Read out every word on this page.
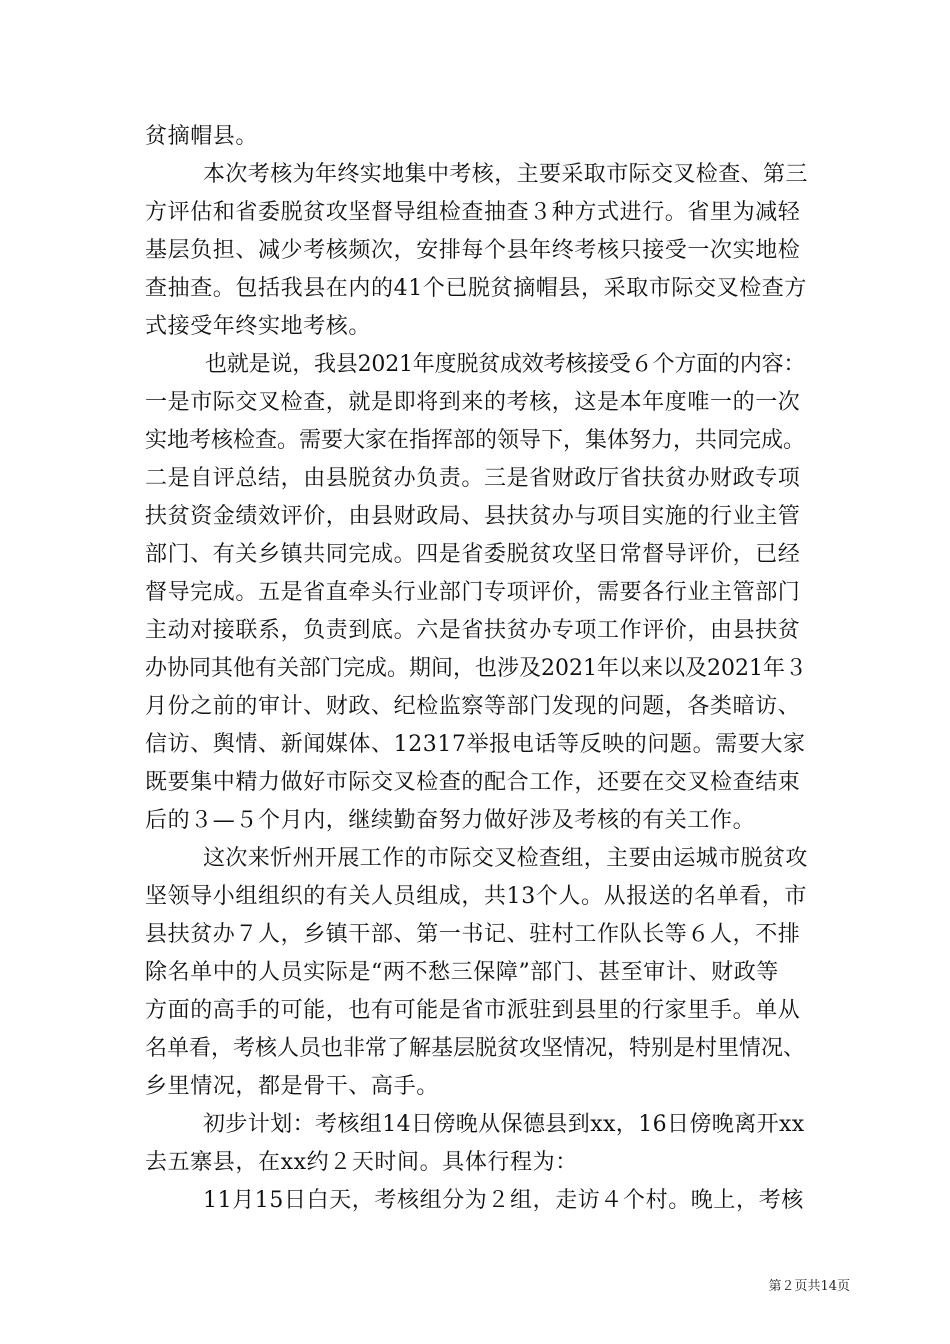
贫摘帽县。
本次考核为年终实地集中考核，主要采取市际交叉检查、第三
方评估和省委脱贫攻坚督导组检查抽查３种方式进行。省里为减轻
基层负担、减少考核频次，安排每个县年终考核只接受一次实地检
查抽查。包括我县在内的41个已脱贫摘帽县，采取市际交叉检查方
式接受年终实地考核。
也就是说，我县2021年度脱贫成效考核接受６个方面的内容：
一是市际交叉检查，就是即将到来的考核，这是本年度唯一的一次
实地考核检查。需要大家在指挥部的领导下，集体努力，共同完成。
二是自评总结，由县脱贫办负责。三是省财政厅省扶贫办财政专项
扶贫资金绩效评价，由县财政局、县扶贫办与项目实施的行业主管
部门、有关乡镇共同完成。四是省委脱贫攻坚日常督导评价，已经
督导完成。五是省直牵头行业部门专项评价，需要各行业主管部门
主动对接联系，负责到底。六是省扶贫办专项工作评价，由县扶贫
办协同其他有关部门完成。期间，也涉及2021年以来以及2021年３
月份之前的审计、财政、纪检监察等部门发现的问题，各类暗访、
信访、舆情、新闻媒体、12317举报电话等反映的问题。需要大家
既要集中精力做好市际交叉检查的配合工作，还要在交叉检查结束
后的３—５个月内，继续勤奋努力做好涉及考核的有关工作。
这次来忻州开展工作的市际交叉检查组，主要由运城市脱贫攻
坚领导小组组织的有关人员组成，共13个人。从报送的名单看，市
县扶贫办７人，乡镇干部、第一书记、驻村工作队长等６人，不排
除名单中的人员实际是“两不愁三保障”部门、甚至审计、财政等
方面的高手的可能，也有可能是省市派驻到县里的行家里手。单从
名单看，考核人员也非常了解基层脱贫攻坚情况，特别是村里情况、
乡里情况，都是骨干、高手。
初步计划：考核组14日傍晚从保德县到xx，16日傍晚离开xx
去五寨县，在xx约２天时间。具体行程为：
11月15日白天，考核组分为２组，走访４个村。晚上，考核
第２页共14页
